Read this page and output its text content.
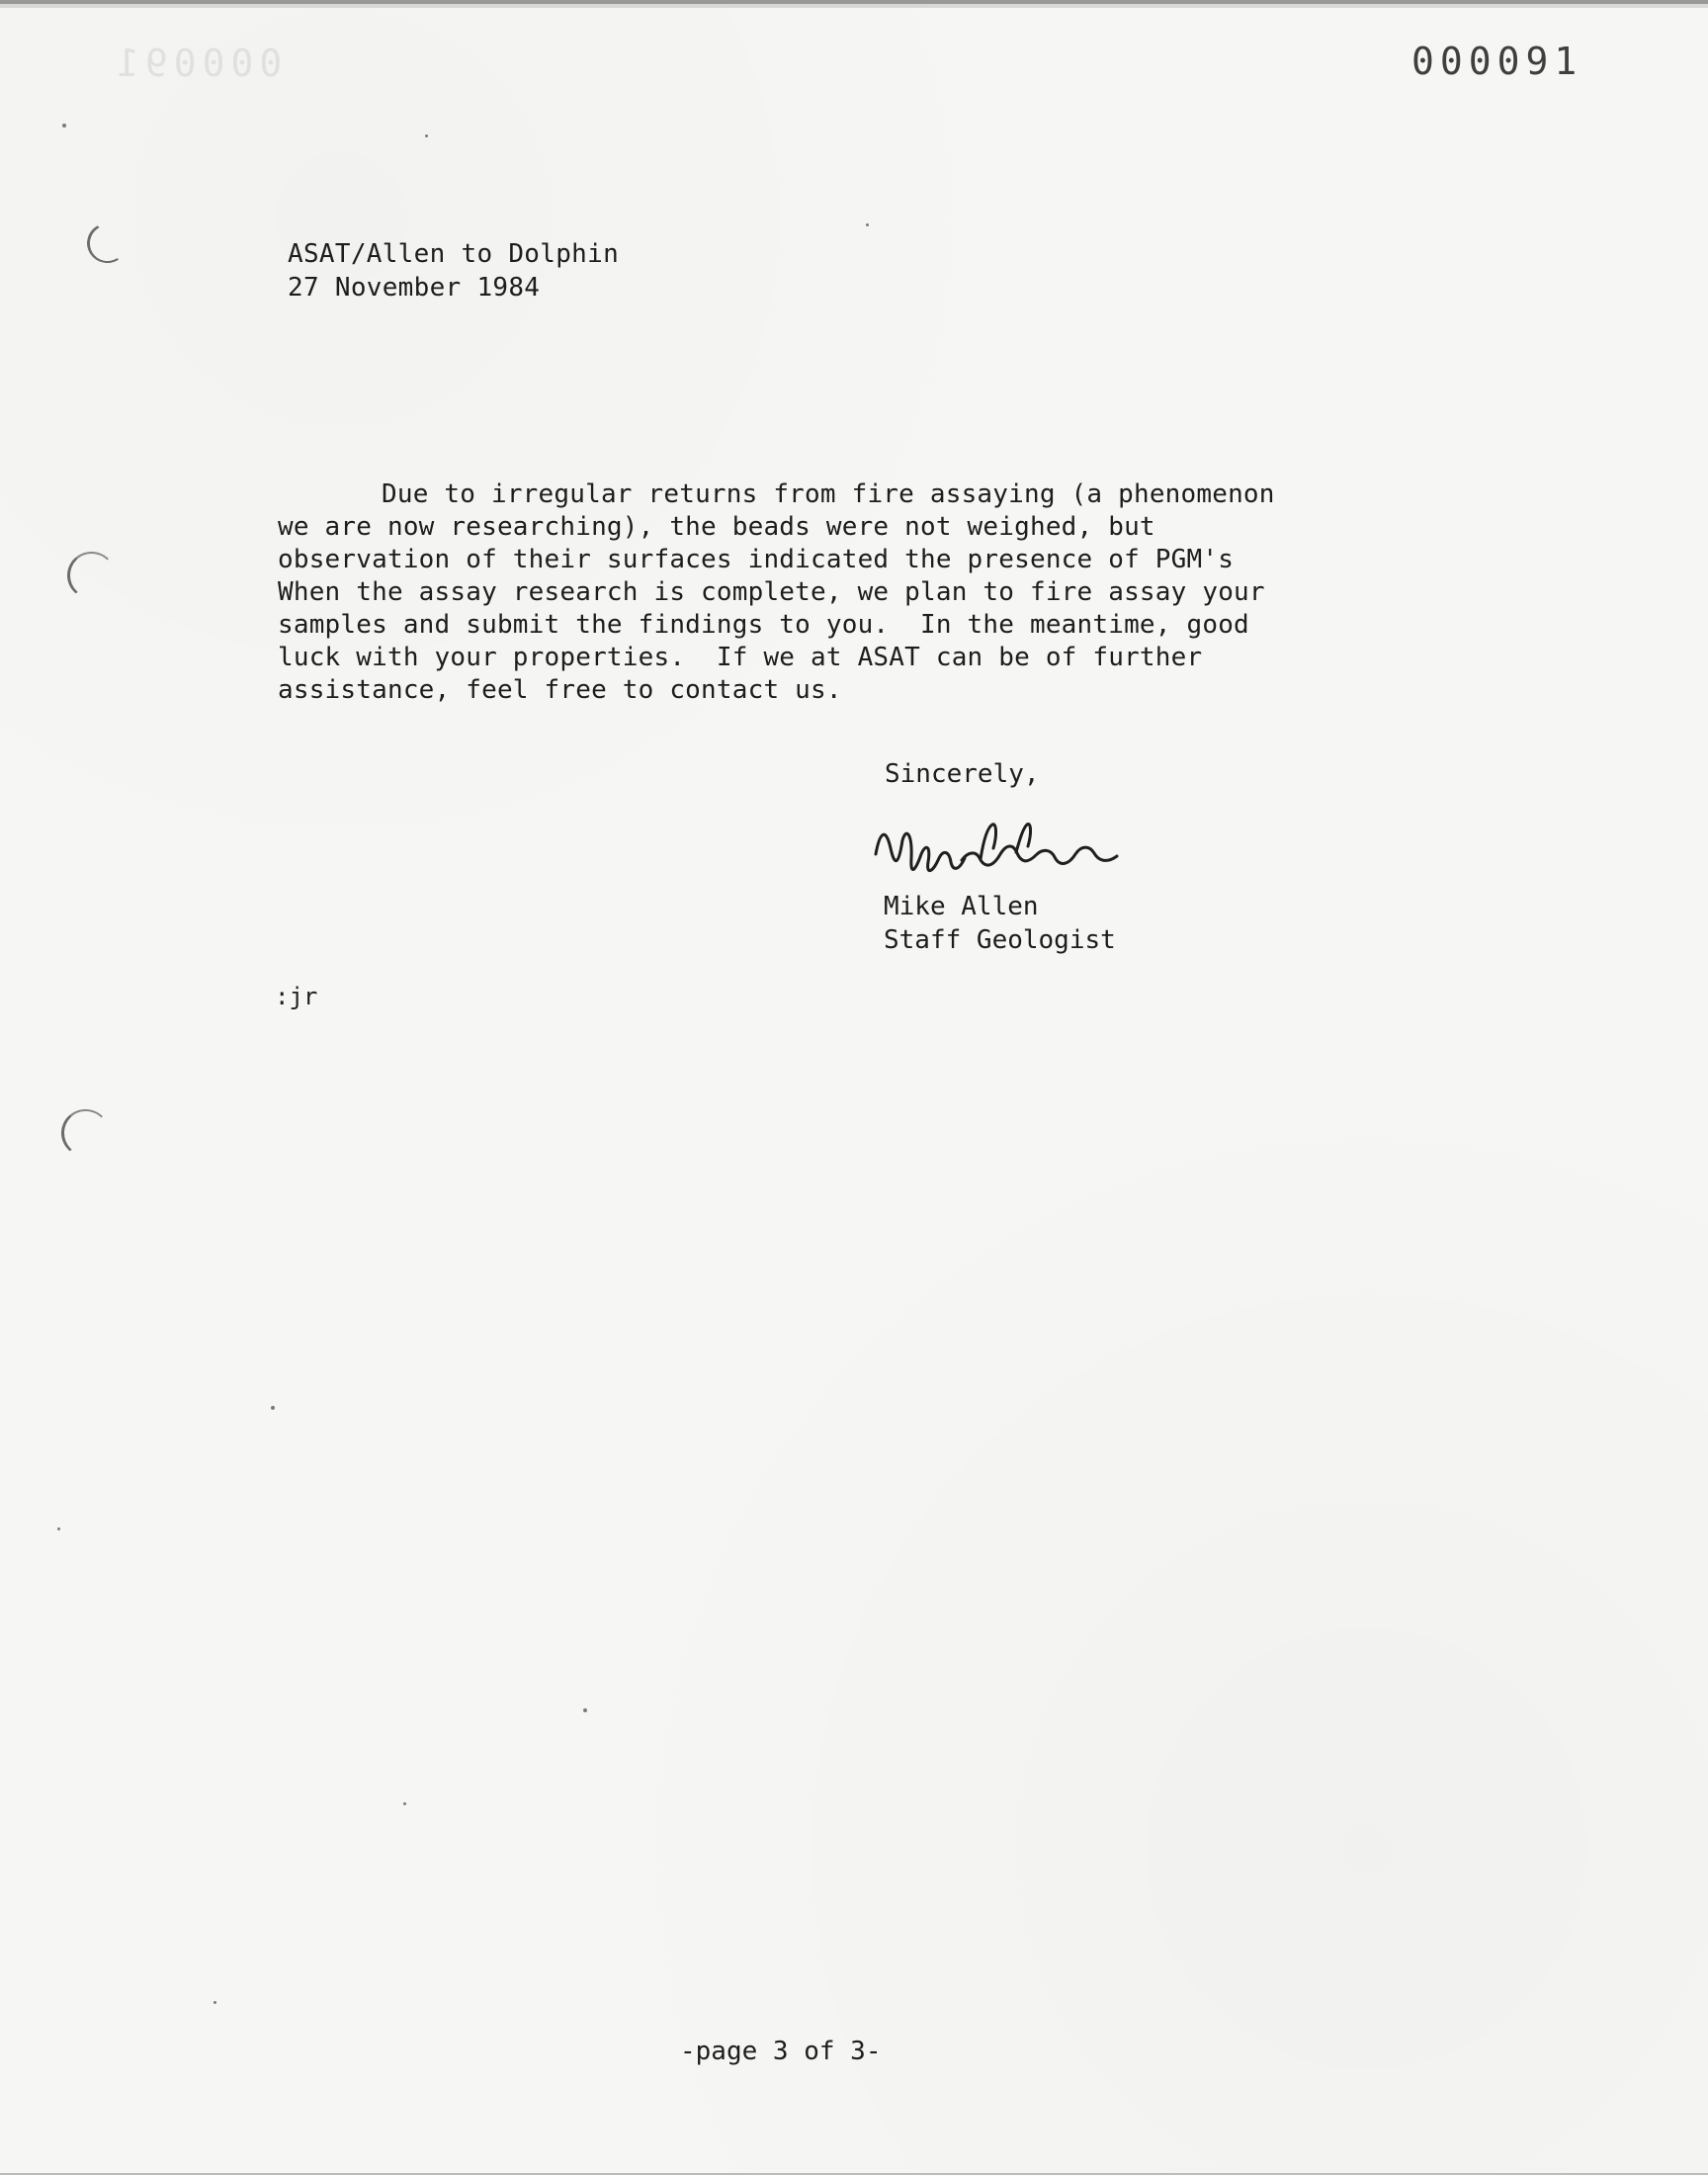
000091	000091
ASAT/Allen to Dolphin
27 November 1984
Due to irregular returns from fire assaying (a phenomenon
we are now researching), the beads were not weighed, but
observation of their surfaces indicated the presence of PGM's
When the assay research is complete, we plan to fire assay your
samples and submit the findings to you.  In the meantime, good
luck with your properties.  If we at ASAT can be of further
assistance, feel free to contact us.
Sincerely,
Mike Allen
Staff Geologist
:jr
-page 3 of 3-
